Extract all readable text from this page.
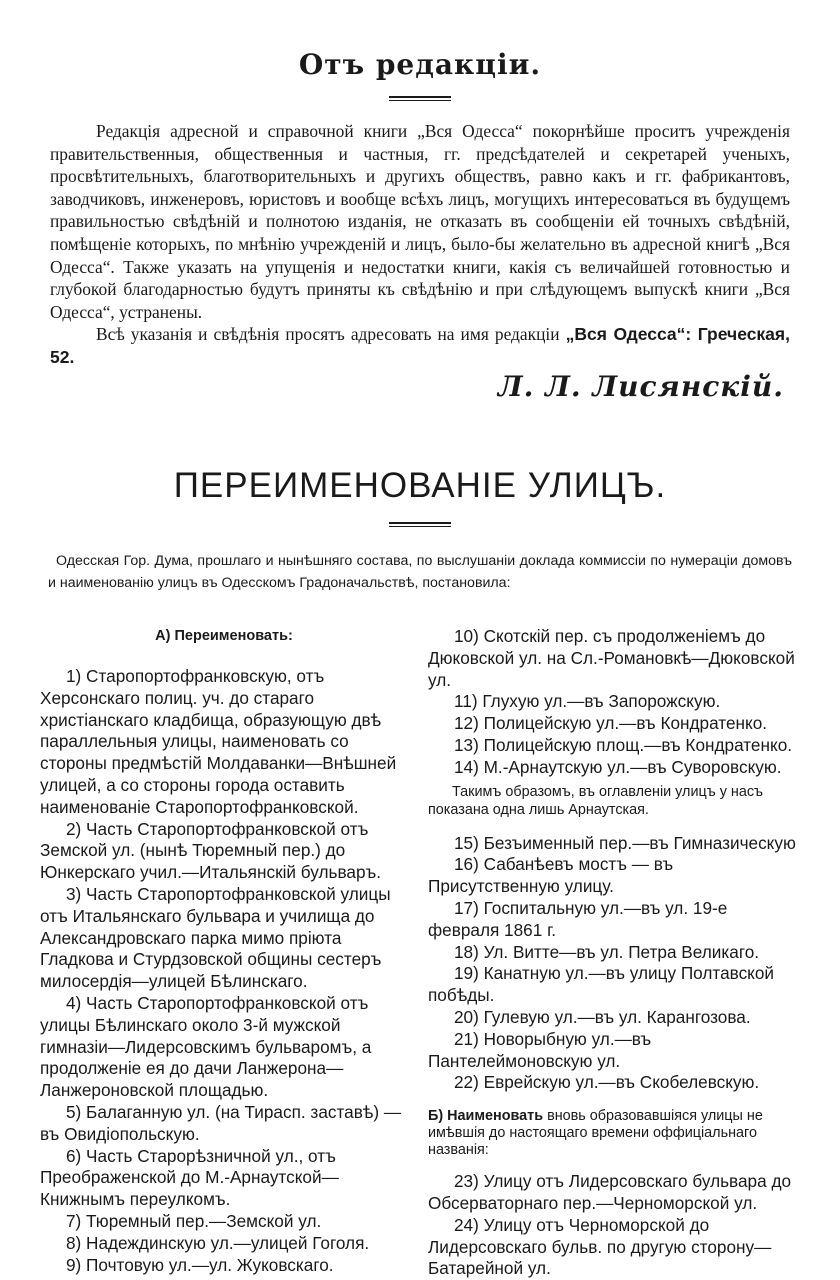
Отъ редакціи.

Редакція адресной и справочной книги „Вся Одесса“ покорнѣйше проситъ учрежденія правительственныя, общественныя и частныя, гг. предсѣдателей и секретарей ученыхъ, просвѣтительныхъ, благотворительныхъ и другихъ обществъ, равно какъ и гг. фабрикантовъ, заводчиковъ, инженеровъ, юристовъ и вообще всѣхъ лицъ, могущихъ интересоваться въ будущемъ правильностью свѣдѣній и полнотою изданія, не отказать въ сообщеніи ей точныхъ свѣдѣній, помѣщеніе которыхъ, по мнѣнію учрежденій и лицъ, было-бы желательно въ адресной книгѣ „Вся Одесса“. Также указать на упущенія и недостатки книги, какія съ величайшей готовностью и глубокой благодарностью будутъ приняты къ свѣдѣнію и при слѣдующемъ выпускѣ книги „Вся Одесса“, устранены.

Всѣ указанія и свѣдѣнія просятъ адресовать на имя редакціи „Вся Одесса“: Греческая, 52.

Л. Л. Лисянскій.
ПЕРЕИМЕНОВАНІЕ УЛИЦЪ.
Одесская Гор. Дума, прошлаго и нынѣшняго состава, по выслушаніи доклада коммиссіи по нумераціи домовъ и наименованію улицъ въ Одесскомъ Градоначальствѣ, постановила:

А) Переименовать:

1) Старопортофранковскую, отъ Херсонскаго полиц. уч. до стараго христіанскаго кладбища, образующую двѣ параллельныя улицы, наименовать со стороны предмѣстій Молдаванки—Внѣшней улицей, а со стороны города оставить наименованіе Старопортофранковской.

2) Часть Старопортофранковской отъ Земской ул. (нынѣ Тюремный пер.) до Юнкерскаго учил.—Итальянскій бульваръ.

3) Часть Старопортофранковской улицы отъ Итальянскаго бульвара и училища до Александровскаго парка мимо пріюта Гладкова и Стурдзовской общины сестеръ милосердія—улицей Бѣлинскаго.

4) Часть Старопортофранковской отъ улицы Бѣлинскаго около 3-й мужской гимназіи—Лидерсовскимъ бульваромъ, а продолженіе ея до дачи Ланжерона—Ланжероновской площадью.

5) Балаганную ул. (на Тирасп. заставѣ) —въ Овидіопольскую.

6) Часть Старорѣзничной ул., отъ Преображенской до М.-Арнаутской—Книжнымъ переулкомъ.

7) Тюремный пер.—Земской ул.

8) Надеждинскую ул.—улицей Гоголя.

9) Почтовую ул.—ул. Жуковскаго.

10) Скотскій пер. съ продолженіемъ до Дюковской ул. на Сл.-Романовкѣ—Дюковской ул.

11) Глухую ул.—въ Запорожскую.

12) Полицейскую ул.—въ Кондратенко.

13) Полицейскую площ.—въ Кондратенко.

14) М.-Арнаутскую ул.—въ Суворовскую.

Такимъ образомъ, въ оглавленіи улицъ у насъ показана одна лишь Арнаутская.

15) Безъименный пер.—въ Гимназическую

16) Сабанѣевъ мостъ — въ Присутственную улицу.

17) Госпитальную ул.—въ ул. 19-е февраля 1861 г.

18) Ул. Витте—въ ул. Петра Великаго.

19) Канатную ул.—въ улицу Полтавской побѣды.

20) Гулевую ул.—въ ул. Карангозова.

21) Новорыбную ул.—въ Пантелеймоновскую ул.

22) Еврейскую ул.—въ Скобелевскую.

Б) Наименовать вновь образовавшіяся улицы не имѣвшія до настоящаго времени оффиціальнаго названія:

23) Улицу отъ Лидерсовскаго бульвара до Обсерваторнаго пер.—Черноморской ул.

24) Улицу отъ Черноморской до Лидерсовскаго бульв. по другую сторону—Батарейной ул.
